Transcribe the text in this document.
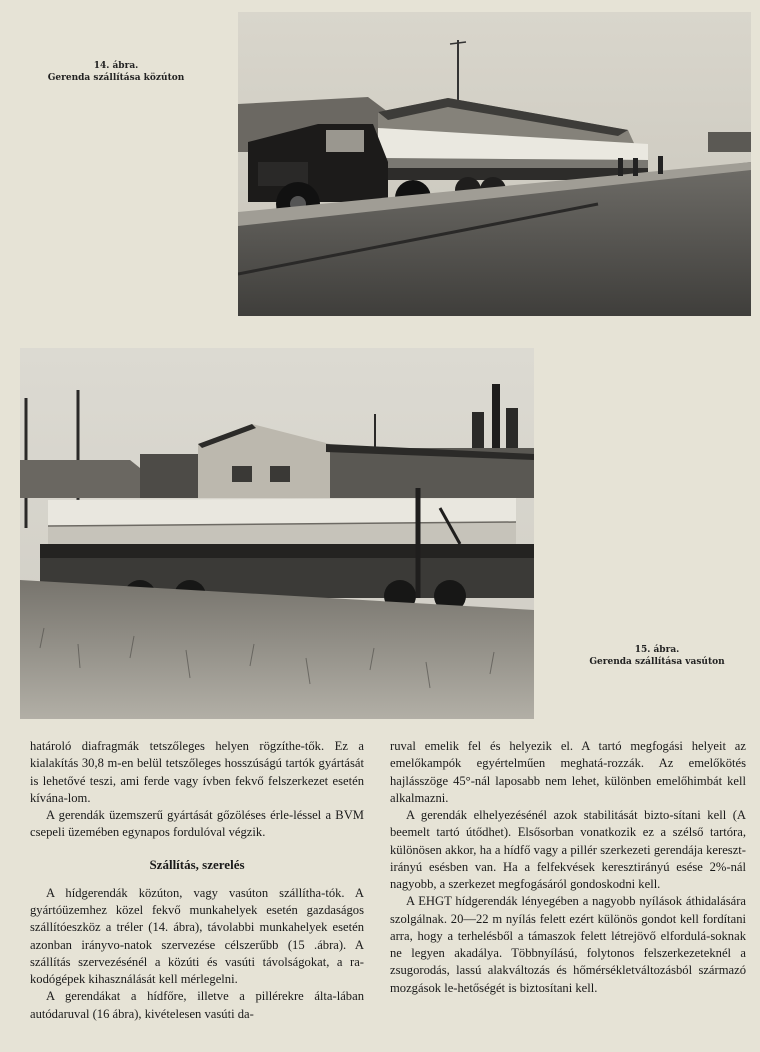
14. ábra.
Gerenda szállítása közúton
15. ábra.
Gerenda szállítása vasúton

határoló diafragmák tetszőleges helyen rögzíthe-tők. Ez a kialakítás 30,8 m-en belül tetszőleges hosszúságú tartók gyártását is lehetővé teszi, ami ferde vagy ívben fekvő felszerkezet esetén kívána-lom.

A gerendák üzemszerű gyártását gőzöléses érle-léssel a BVM csepeli üzemében egynapos fordulóval végzik.

Szállítás, szerelés

A hídgerendák közúton, vagy vasúton szállítha-tók. A gyártóüzemhez közel fekvő munkahelyek esetén gazdaságos szállítóeszköz a tréler (14. ábra), távolabbi munkahelyek esetén azonban irányvo-natok szervezése célszerűbb (15 .ábra). A szállítás szervezésénél a közúti és vasúti távolságokat, a ra-kodógépek kihasználását kell mérlegelni.

A gerendákat a hídfőre, illetve a pillérekre álta-lában autódaruval (16 ábra), kivételesen vasúti da-

ruval emelik fel és helyezik el. A tartó megfogási helyeit az emelőkampók egyértelműen meghatá-rozzák. Az emelőkötés hajlásszöge 45°-nál laposabb nem lehet, különben emelőhimbát kell alkalmazni.

A gerendák elhelyezésénél azok stabilitását bizto-sítani kell (A beemelt tartó útődhet). Elsősorban vonatkozik ez a szélső tartóra, különösen akkor, ha a hídfő vagy a pillér szerkezeti gerendája kereszt-irányú esésben van. Ha a felfekvések keresztirányú esése 2%-nál nagyobb, a szerkezet megfogásáról gondoskodni kell.

A EHGT hídgerendák lényegében a nagyobb nyílások áthidalására szolgálnak. 20—22 m nyílás felett ezért különös gondot kell fordítani arra, hogy a terhelésből a támaszok felett létrejövő elfordulá-soknak ne legyen akadálya. Többnyílású, folytonos felszerkezeteknél a zsugorodás, lassú alakváltozás és hőmérsékletváltozásból származó mozgások le-hetőségét is biztosítani kell.
